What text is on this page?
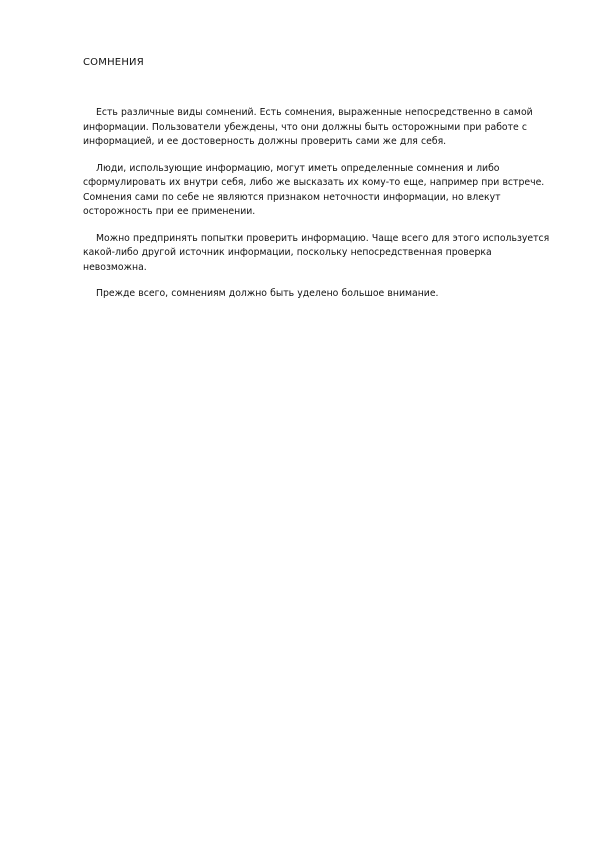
СОМНЕНИЯ

Есть различные виды сомнений. Есть сомнения, выраженные непосредственно в самой информации. Пользователи убеждены, что они должны быть осторожными при работе с информацией, и ее достоверность должны проверить сами же для себя.

Люди, использующие информацию, могут иметь определенные сомнения и либо сформулировать их внутри себя, либо же высказать их кому-то еще, например при встрече. Сомнения сами по себе не являются признаком неточности информации, но влекут осторожность при ее применении.

Можно предпринять попытки проверить информацию. Чаще всего для этого используется какой-либо другой источник информации, поскольку непосредственная проверка невозможна.

Прежде всего, сомнениям должно быть уделено большое внимание.
